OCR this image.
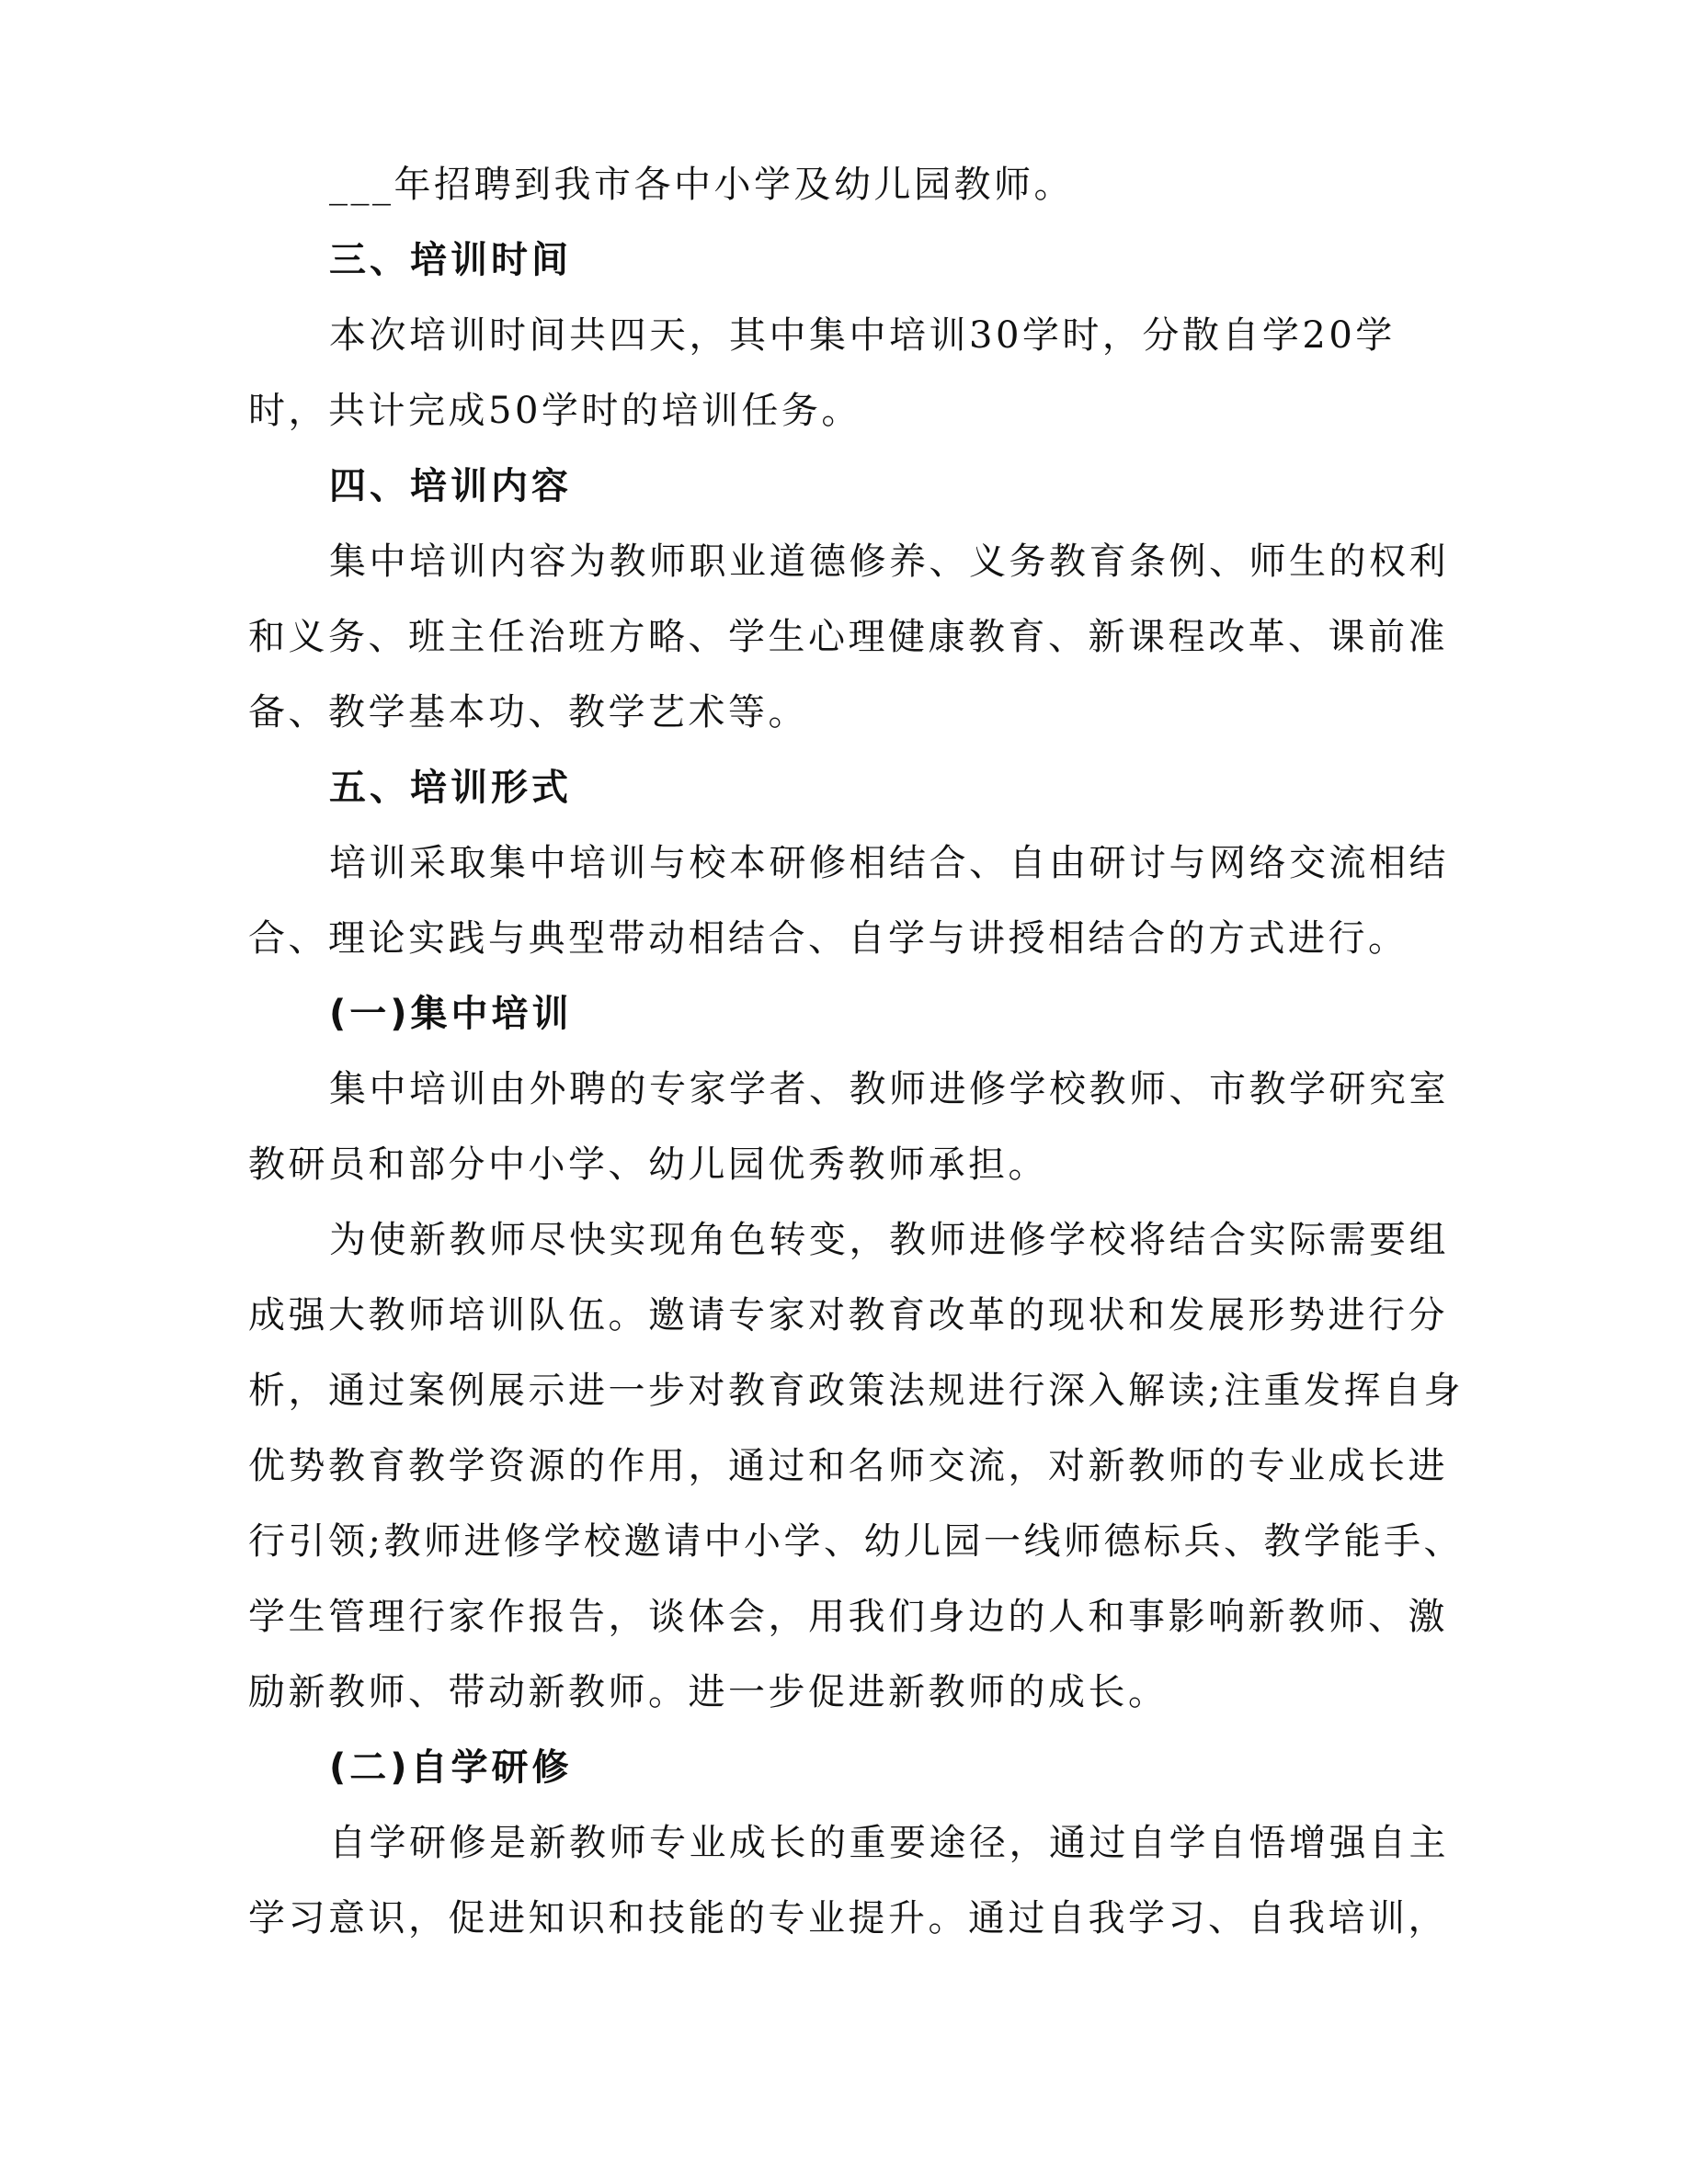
___年招聘到我市各中小学及幼儿园教师。
三、培训时间
本次培训时间共四天，其中集中培训30学时，分散自学20学
时，共计完成50学时的培训任务。
四、培训内容
集中培训内容为教师职业道德修养、义务教育条例、师生的权利
和义务、班主任治班方略、学生心理健康教育、新课程改革、课前准
备、教学基本功、教学艺术等。
五、培训形式
培训采取集中培训与校本研修相结合、自由研讨与网络交流相结
合、理论实践与典型带动相结合、自学与讲授相结合的方式进行。
(一)集中培训
集中培训由外聘的专家学者、教师进修学校教师、市教学研究室
教研员和部分中小学、幼儿园优秀教师承担。
为使新教师尽快实现角色转变，教师进修学校将结合实际需要组
成强大教师培训队伍。邀请专家对教育改革的现状和发展形势进行分
析，通过案例展示进一步对教育政策法规进行深入解读;注重发挥自身
优势教育教学资源的作用，通过和名师交流，对新教师的专业成长进
行引领;教师进修学校邀请中小学、幼儿园一线师德标兵、教学能手、
学生管理行家作报告，谈体会，用我们身边的人和事影响新教师、激
励新教师、带动新教师。进一步促进新教师的成长。
(二)自学研修
自学研修是新教师专业成长的重要途径，通过自学自悟增强自主
学习意识，促进知识和技能的专业提升。通过自我学习、自我培训，
